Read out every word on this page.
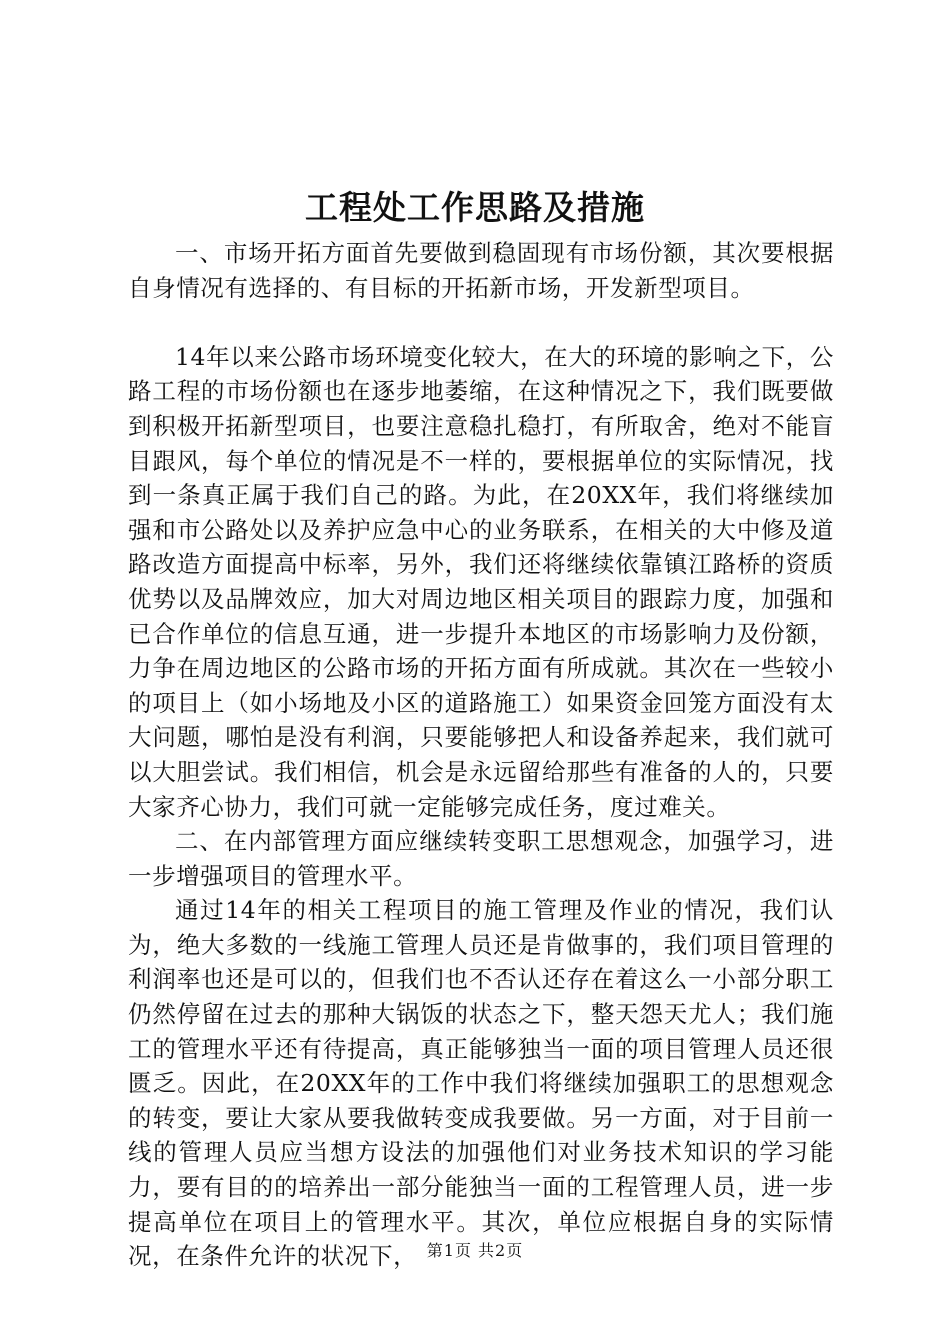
工程处工作思路及措施

一、市场开拓方面首先要做到稳固现有市场份额，其次要根据自身情况有选择的、有目标的开拓新市场，开发新型项目。

14年以来公路市场环境变化较大，在大的环境的影响之下，公路工程的市场份额也在逐步地萎缩，在这种情况之下，我们既要做到积极开拓新型项目，也要注意稳扎稳打，有所取舍，绝对不能盲目跟风，每个单位的情况是不一样的，要根据单位的实际情况，找到一条真正属于我们自己的路。为此，在20XX年，我们将继续加强和市公路处以及养护应急中心的业务联系，在相关的大中修及道路改造方面提高中标率，另外，我们还将继续依靠镇江路桥的资质优势以及品牌效应，加大对周边地区相关项目的跟踪力度，加强和已合作单位的信息互通，进一步提升本地区的市场影响力及份额，力争在周边地区的公路市场的开拓方面有所成就。其次在一些较小的项目上（如小场地及小区的道路施工）如果资金回笼方面没有太大问题，哪怕是没有利润，只要能够把人和设备养起来，我们就可以大胆尝试。我们相信，机会是永远留给那些有准备的人的，只要大家齐心协力，我们可就一定能够完成任务，度过难关。

二、在内部管理方面应继续转变职工思想观念，加强学习，进一步增强项目的管理水平。

通过14年的相关工程项目的施工管理及作业的情况，我们认为，绝大多数的一线施工管理人员还是肯做事的，我们项目管理的利润率也还是可以的，但我们也不否认还存在着这么一小部分职工仍然停留在过去的那种大锅饭的状态之下，整天怨天尤人；我们施工的管理水平还有待提高，真正能够独当一面的项目管理人员还很匮乏。因此，在20XX年的工作中我们将继续加强职工的思想观念的转变，要让大家从要我做转变成我要做。另一方面，对于目前一线的管理人员应当想方设法的加强他们对业务技术知识的学习能力，要有目的的培养出一部分能独当一面的工程管理人员，进一步提高单位在项目上的管理水平。其次，单位应根据自身的实际情况，在条件允许的状况下， 第1页 共2页
